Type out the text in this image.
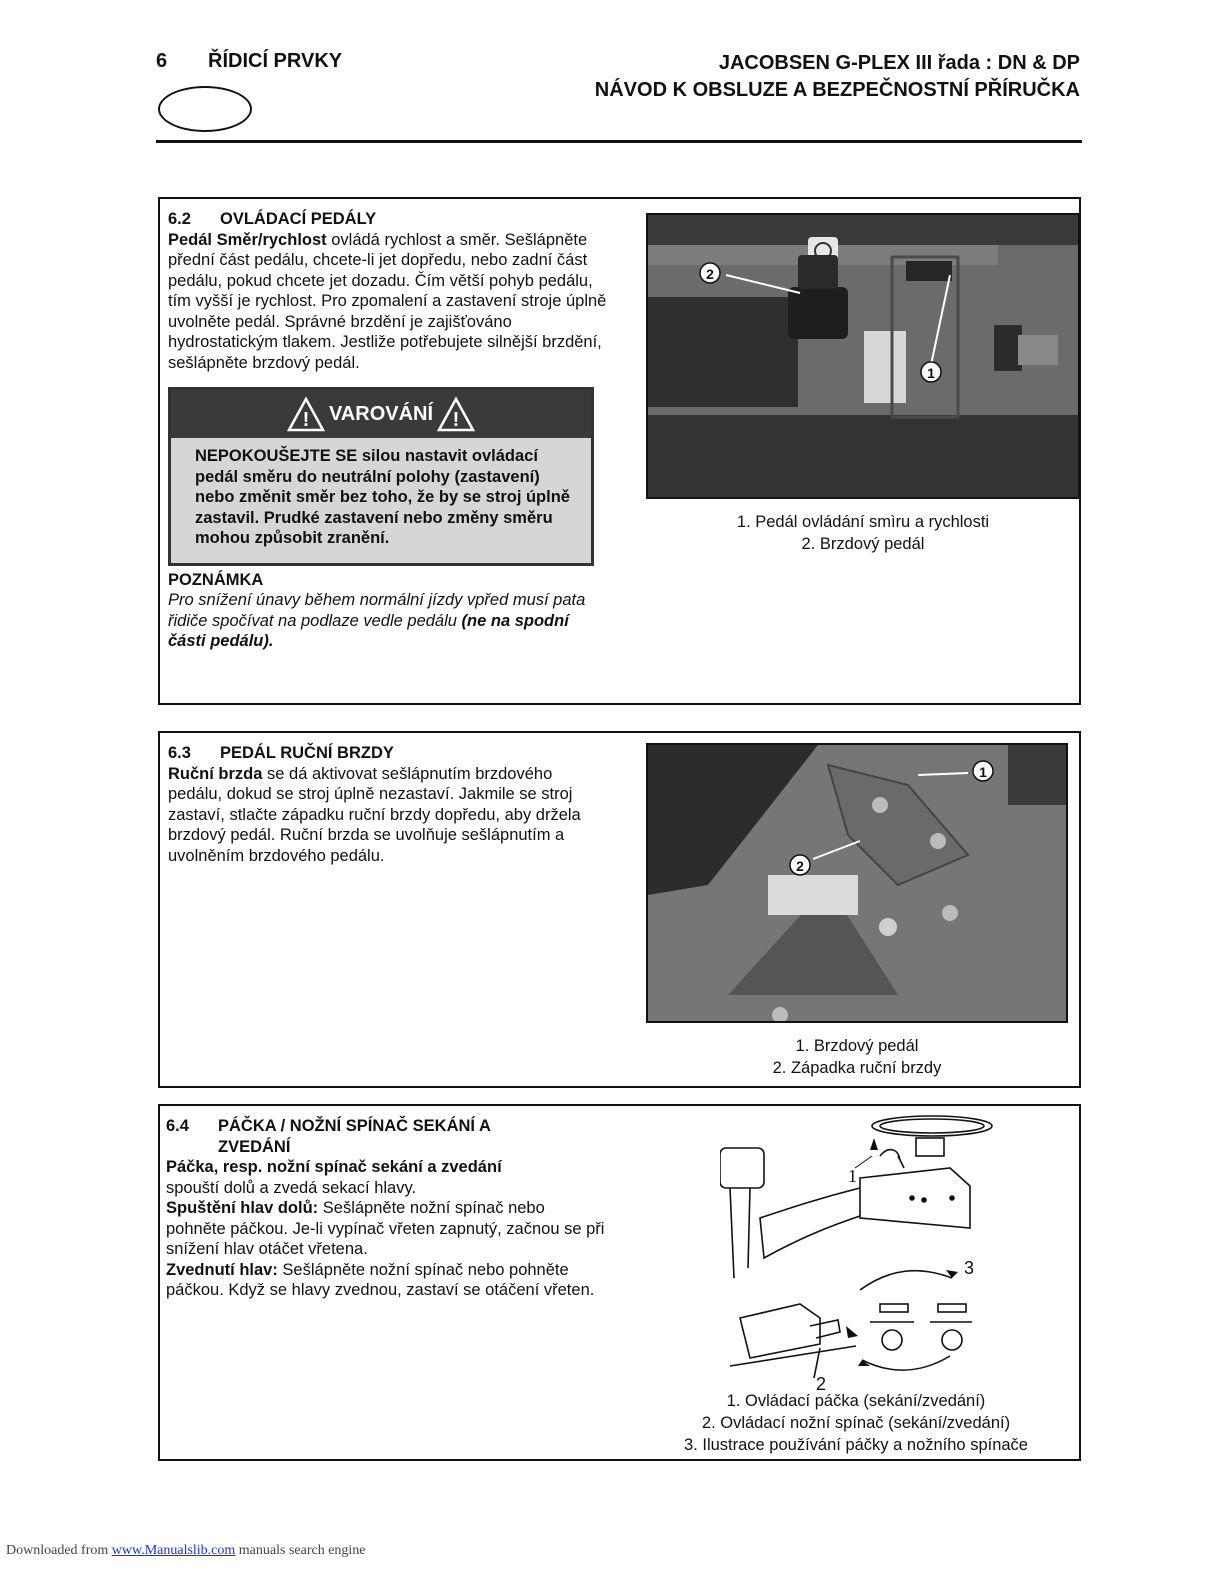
6 ŘÍDICÍ PRVKY	JACOBSEN G-PLEX III řada : DN & DP
NÁVOD K OBSLUZE A BEZPEČNOSTNÍ PŘÍRUČKA
6.2 OVLÁDACÍ PEDÁLY
Pedál Směr/rychlost ovládá rychlost a směr. Sešlápněte přední část pedálu, chcete-li jet dopředu, nebo zadní část pedálu, pokud chcete jet dozadu. Čím větší pohyb pedálu, tím vyšší je rychlost. Pro zpomalení a zastavení stroje úplně uvolněte pedál. Správné brzdění je zajišťováno hydrostatickým tlakem. Jestliže potřebujete silnější brzdění, sešlápněte brzdový pedál.
! VAROVÁNÍ !
NEPOKOUŠEJTE SE silou nastavit ovládací pedál směru do neutrální polohy (zastavení) nebo změnit směr bez toho, že by se stroj úplně zastavil. Prudké zastavení nebo změny směru mohou způsobit zranění.
POZNÁMKA
Pro snížení únavy během normální jízdy vpřed musí pata řidiče spočívat na podlaze vedle pedálu (ne na spodní části pedálu).
2
1
1. Pedál ovládání smìru a rychlosti
2. Brzdový pedál
6.3 PEDÁL RUČNÍ BRZDY
Ruční brzda se dá aktivovat sešlápnutím brzdového pedálu, dokud se stroj úplně nezastaví. Jakmile se stroj zastaví, stlačte západku ruční brzdy dopředu, aby držela brzdový pedál. Ruční brzda se uvolňuje sešlápnutím a uvolněním brzdového pedálu.
1
2
1. Brzdový pedál
2. Západka ruční brzdy
6.4 PÁČKA / NOŽNÍ SPÍNAČ SEKÁNÍ A
ZVEDÁNÍ
Páčka, resp. nožní spínač sekání a zvedání
spouští dolů a zvedá sekací hlavy.
Spuštění hlav dolů: Sešlápněte nožní spínač nebo pohněte páčkou. Je-li vypínač vřeten zapnutý, začnou se při snížení hlav otáčet vřetena.
Zvednutí hlav: Sešlápněte nožní spínač nebo pohněte páčkou. Když se hlavy zvednou, zastaví se otáčení vřeten.
1
3
2
1. Ovládací páčka (sekání/zvedání)
2. Ovládací nožní spínač (sekání/zvedání)
3. Ilustrace používání páčky a nožního spínače
Downloaded from www.Manualslib.com manuals search engine
